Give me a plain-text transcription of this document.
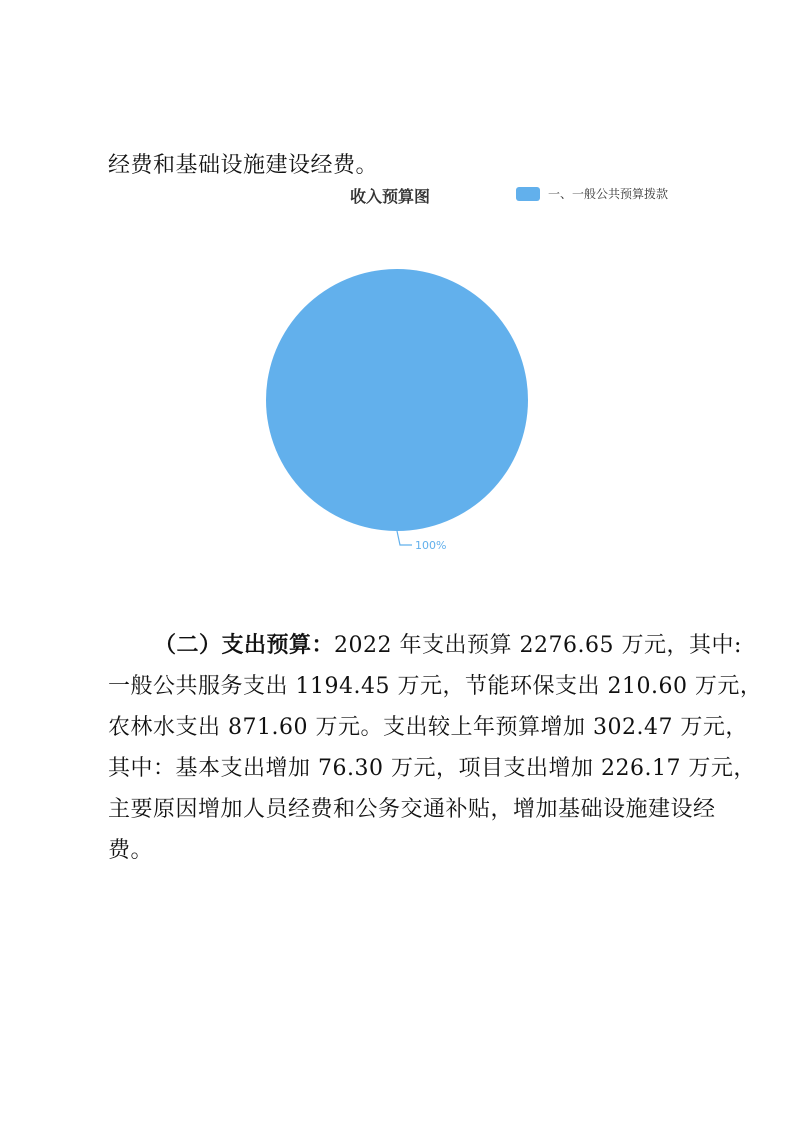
经费和基础设施建设经费。
收入预算图	一、一般公共预算拨款
100%
（二）支出预算：2022 年支出预算 2276.65 万元，其中:
一般公共服务支出 1194.45 万元，节能环保支出 210.60 万元，
农林水支出 871.60 万元。支出较上年预算增加 302.47 万元，
其中：基本支出增加 76.30 万元，项目支出增加 226.17 万元，
主要原因增加人员经费和公务交通补贴，增加基础设施建设经
费。
